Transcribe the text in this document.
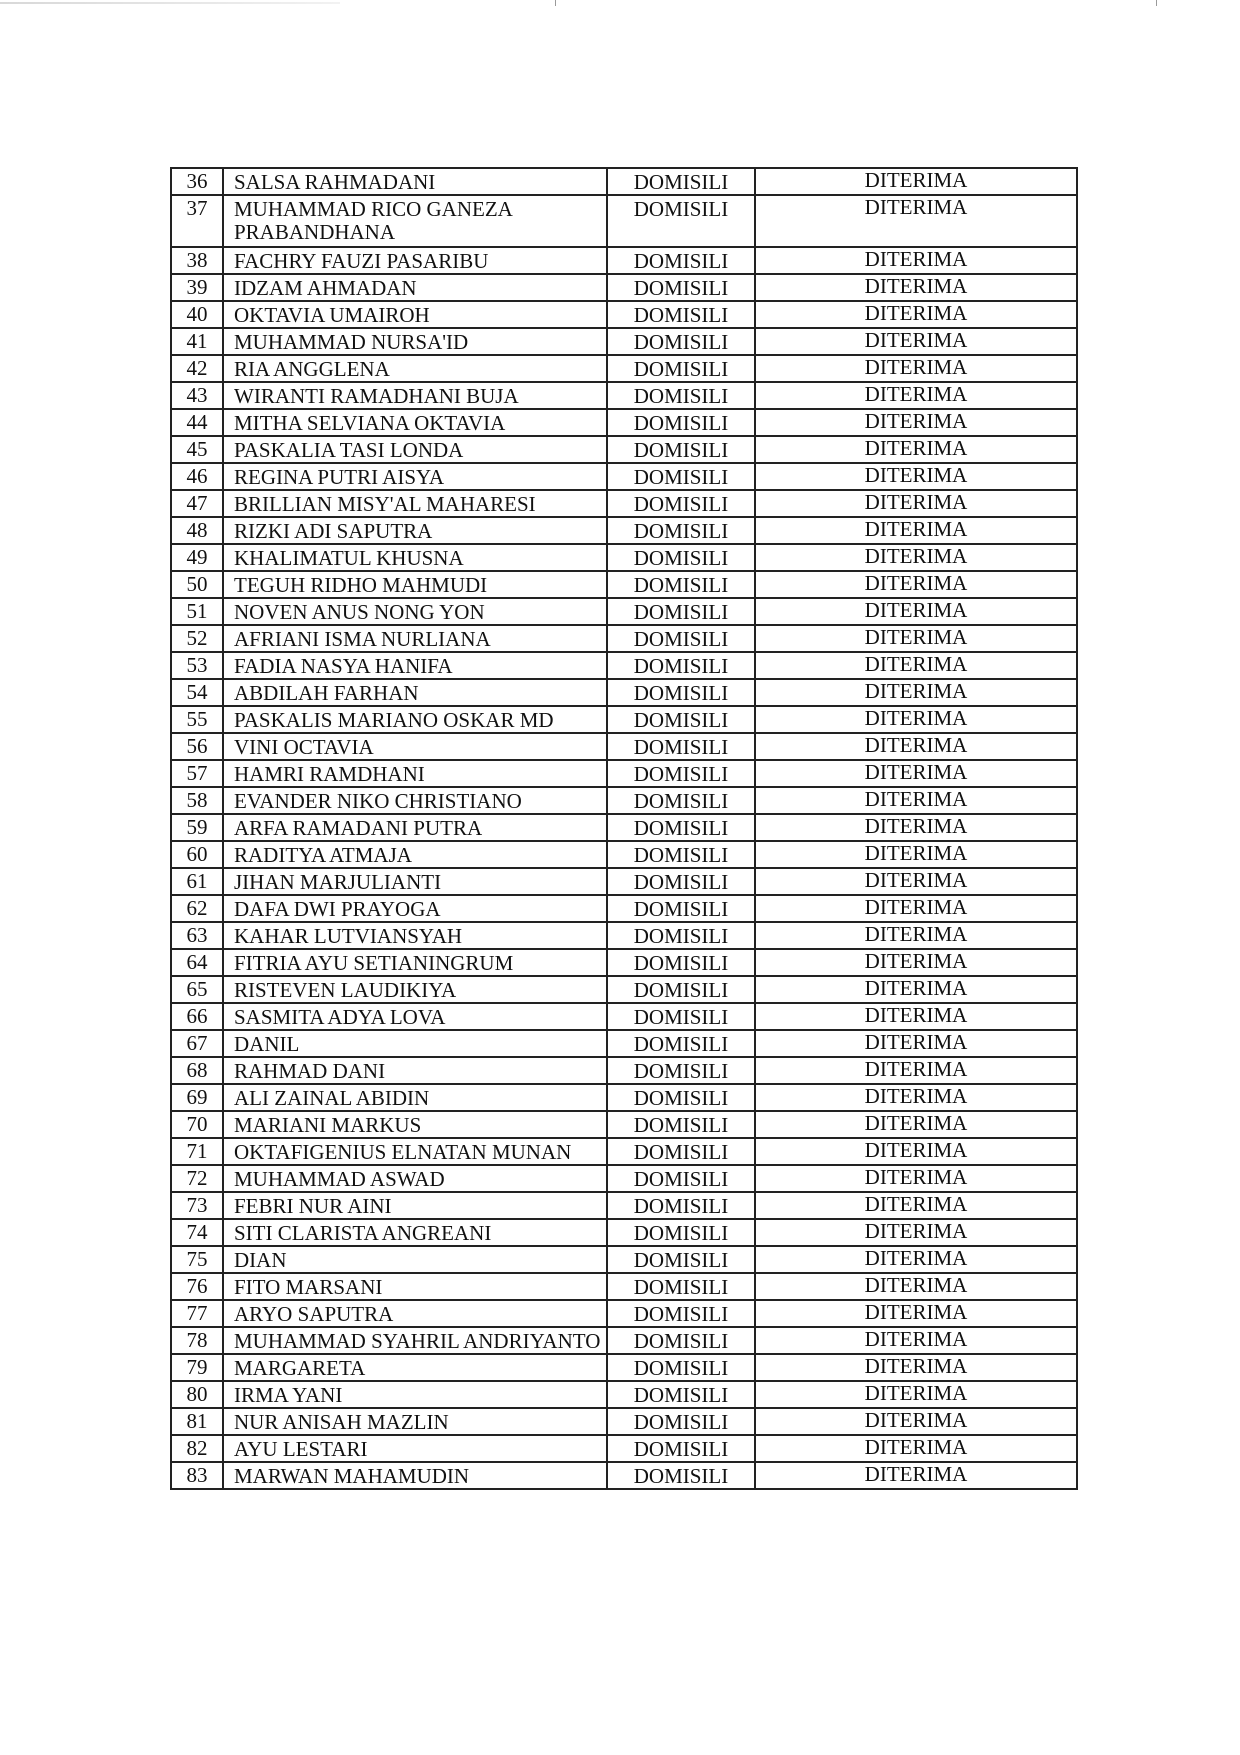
36	SALSA RAHMADANI	DOMISILI	DITERIMA
37	MUHAMMAD RICO GANEZA PRABANDHANA	DOMISILI	DITERIMA
38	FACHRY FAUZI PASARIBU	DOMISILI	DITERIMA
39	IDZAM AHMADAN	DOMISILI	DITERIMA
40	OKTAVIA UMAIROH	DOMISILI	DITERIMA
41	MUHAMMAD NURSA'ID	DOMISILI	DITERIMA
42	RIA ANGGLENA	DOMISILI	DITERIMA
43	WIRANTI RAMADHANI BUJA	DOMISILI	DITERIMA
44	MITHA SELVIANA OKTAVIA	DOMISILI	DITERIMA
45	PASKALIA TASI LONDA	DOMISILI	DITERIMA
46	REGINA PUTRI AISYA	DOMISILI	DITERIMA
47	BRILLIAN MISY'AL MAHARESI	DOMISILI	DITERIMA
48	RIZKI ADI SAPUTRA	DOMISILI	DITERIMA
49	KHALIMATUL KHUSNA	DOMISILI	DITERIMA
50	TEGUH RIDHO MAHMUDI	DOMISILI	DITERIMA
51	NOVEN ANUS NONG YON	DOMISILI	DITERIMA
52	AFRIANI ISMA NURLIANA	DOMISILI	DITERIMA
53	FADIA NASYA HANIFA	DOMISILI	DITERIMA
54	ABDILAH FARHAN	DOMISILI	DITERIMA
55	PASKALIS MARIANO OSKAR MD	DOMISILI	DITERIMA
56	VINI OCTAVIA	DOMISILI	DITERIMA
57	HAMRI RAMDHANI	DOMISILI	DITERIMA
58	EVANDER NIKO CHRISTIANO	DOMISILI	DITERIMA
59	ARFA RAMADANI PUTRA	DOMISILI	DITERIMA
60	RADITYA ATMAJA	DOMISILI	DITERIMA
61	JIHAN MARJULIANTI	DOMISILI	DITERIMA
62	DAFA DWI PRAYOGA	DOMISILI	DITERIMA
63	KAHAR LUTVIANSYAH	DOMISILI	DITERIMA
64	FITRIA AYU SETIANINGRUM	DOMISILI	DITERIMA
65	RISTEVEN LAUDIKIYA	DOMISILI	DITERIMA
66	SASMITA ADYA LOVA	DOMISILI	DITERIMA
67	DANIL	DOMISILI	DITERIMA
68	RAHMAD DANI	DOMISILI	DITERIMA
69	ALI ZAINAL ABIDIN	DOMISILI	DITERIMA
70	MARIANI MARKUS	DOMISILI	DITERIMA
71	OKTAFIGENIUS ELNATAN MUNAN	DOMISILI	DITERIMA
72	MUHAMMAD ASWAD	DOMISILI	DITERIMA
73	FEBRI NUR AINI	DOMISILI	DITERIMA
74	SITI CLARISTA ANGREANI	DOMISILI	DITERIMA
75	DIAN	DOMISILI	DITERIMA
76	FITO MARSANI	DOMISILI	DITERIMA
77	ARYO SAPUTRA	DOMISILI	DITERIMA
78	MUHAMMAD SYAHRIL ANDRIYANTO	DOMISILI	DITERIMA
79	MARGARETA	DOMISILI	DITERIMA
80	IRMA YANI	DOMISILI	DITERIMA
81	NUR ANISAH MAZLIN	DOMISILI	DITERIMA
82	AYU LESTARI	DOMISILI	DITERIMA
83	MARWAN MAHAMUDIN	DOMISILI	DITERIMA
